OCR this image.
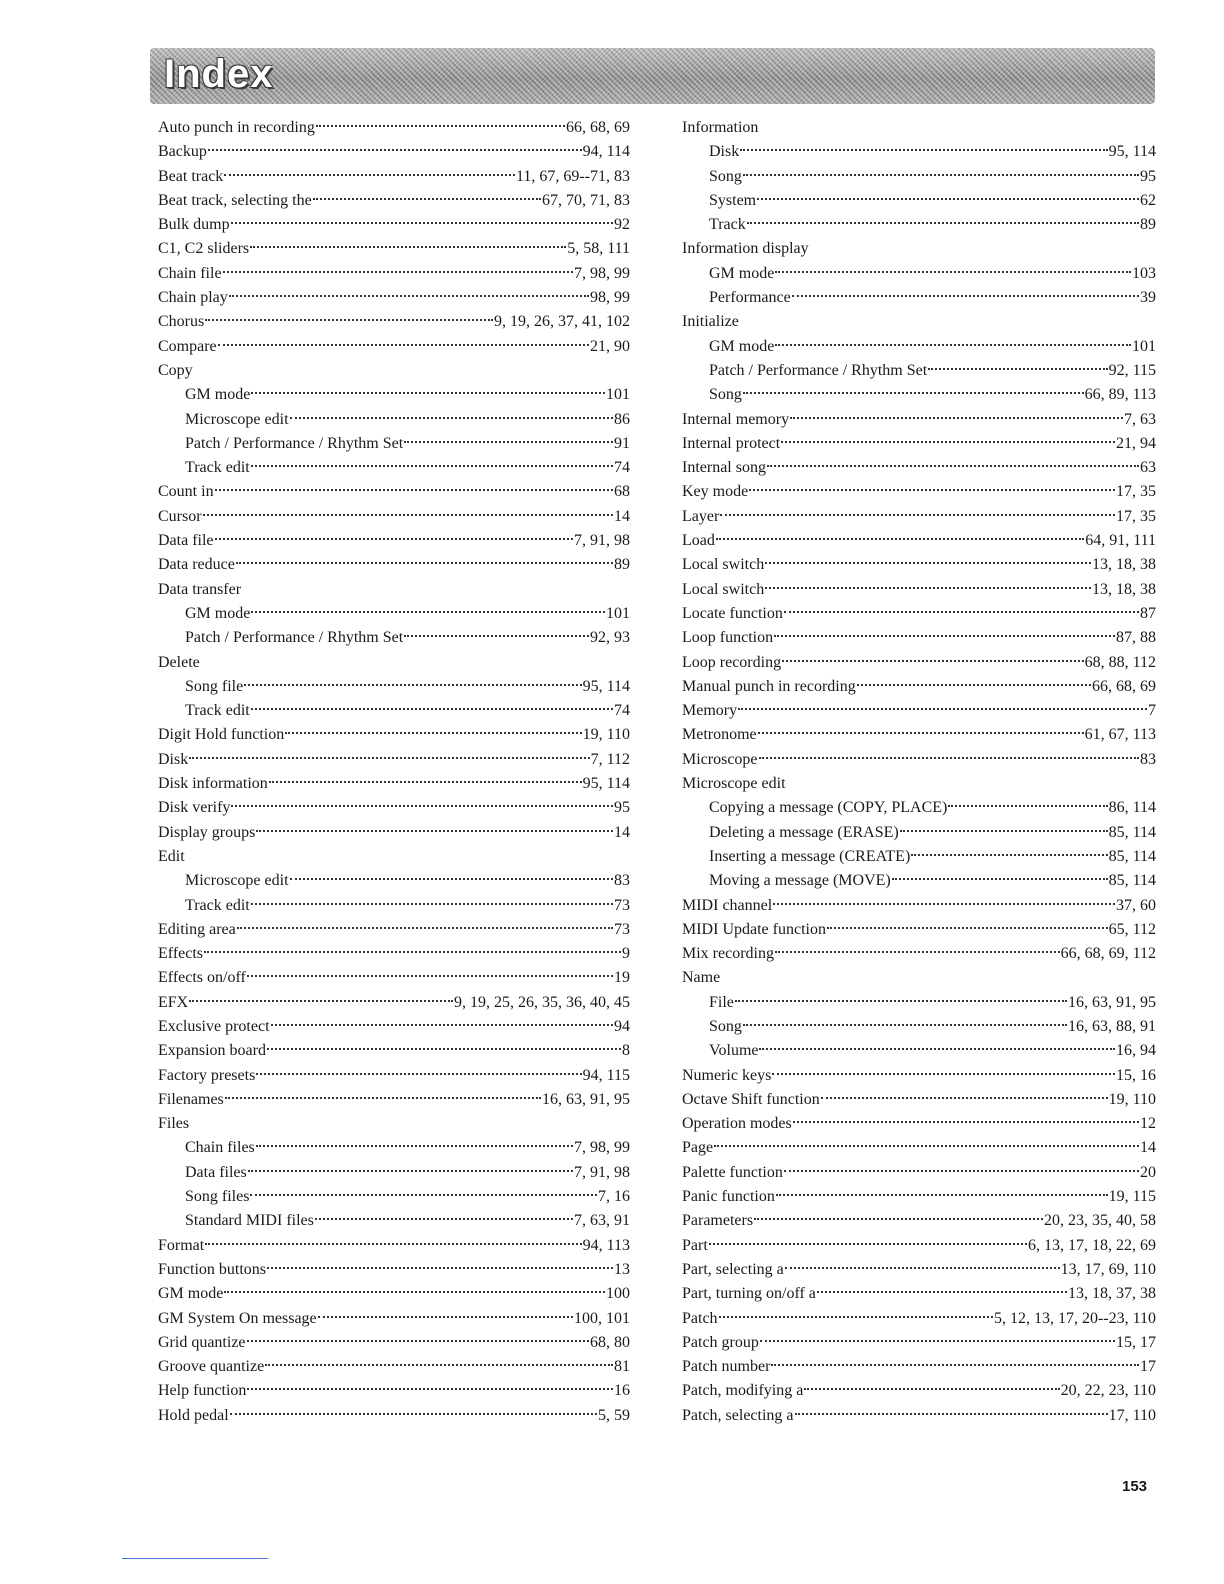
Index
Auto punch in recording	66, 68, 69
Backup	94, 114
Beat track	11, 67, 69--71, 83
Beat track, selecting the	67, 70, 71, 83
Bulk dump	92
C1, C2 sliders	5, 58, 111
Chain file	7, 98, 99
Chain play	98, 99
Chorus	9, 19, 26, 37, 41, 102
Compare	21, 90
Copy
GM mode	101
Microscope edit	86
Patch / Performance / Rhythm Set	91
Track edit	74
Count in	68
Cursor	14
Data file	7, 91, 98
Data reduce	89
Data transfer
GM mode	101
Patch / Performance / Rhythm Set	92, 93
Delete
Song file	95, 114
Track edit	74
Digit Hold function	19, 110
Disk	7, 112
Disk information	95, 114
Disk verify	95
Display groups	14
Edit
Microscope edit	83
Track edit	73
Editing area	73
Effects	9
Effects on/off	19
EFX	9, 19, 25, 26, 35, 36, 40, 45
Exclusive protect	94
Expansion board	8
Factory presets	94, 115
Filenames	16, 63, 91, 95
Files
Chain files	7, 98, 99
Data files	7, 91, 98
Song files	7, 16
Standard MIDI files	7, 63, 91
Format	94, 113
Function buttons	13
GM mode	100
GM System On message	100, 101
Grid quantize	68, 80
Groove quantize	81
Help function	16
Hold pedal	5, 59
Information
Disk	95, 114
Song	95
System	62
Track	89
Information display
GM mode	103
Performance	39
Initialize
GM mode	101
Patch / Performance / Rhythm Set	92, 115
Song	66, 89, 113
Internal memory	7, 63
Internal protect	21, 94
Internal song	63
Key mode	17, 35
Layer	17, 35
Load	64, 91, 111
Local switch	13, 18, 38
Local switch	13, 18, 38
Locate function	87
Loop function	87, 88
Loop recording	68, 88, 112
Manual punch in recording	66, 68, 69
Memory	7
Metronome	61, 67, 113
Microscope	83
Microscope edit
Copying a message (COPY, PLACE)	86, 114
Deleting a message (ERASE)	85, 114
Inserting a message (CREATE)	85, 114
Moving a message (MOVE)	85, 114
MIDI channel	37, 60
MIDI Update function	65, 112
Mix recording	66, 68, 69, 112
Name
File	16, 63, 91, 95
Song	16, 63, 88, 91
Volume	16, 94
Numeric keys	15, 16
Octave Shift function	19, 110
Operation modes	12
Page	14
Palette function	20
Panic function	19, 115
Parameters	20, 23, 35, 40, 58
Part	6, 13, 17, 18, 22, 69
Part, selecting a	13, 17, 69, 110
Part, turning on/off a	13, 18, 37, 38
Patch	5, 12, 13, 17, 20--23, 110
Patch group	15, 17
Patch number	17
Patch, modifying a	20, 22, 23, 110
Patch, selecting a	17, 110
153
